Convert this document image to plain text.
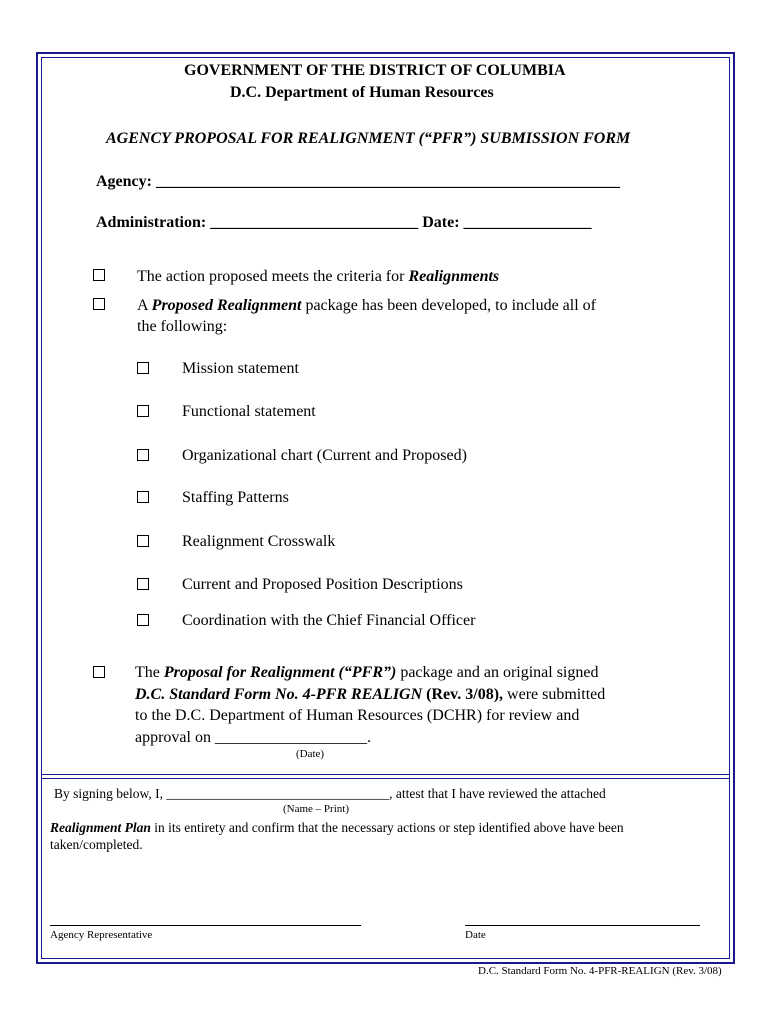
GOVERNMENT OF THE DISTRICT OF COLUMBIA
D.C. Department of Human Resources
AGENCY PROPOSAL FOR REALIGNMENT (“PFR”) SUBMISSION FORM
Agency: __________________________________________________________
Administration: __________________________ Date: ________________
The action proposed meets the criteria for Realignments
A Proposed Realignment package has been developed, to include all of
the following:
Mission statement
Functional statement
Organizational chart (Current and Proposed)
Staffing Patterns
Realignment Crosswalk
Current and Proposed Position Descriptions
Coordination with the Chief Financial Officer
The Proposal for Realignment (“PFR”) package and an original signed
D.C. Standard Form No. 4-PFR REALIGN (Rev. 3/08), were submitted
to the D.C. Department of Human Resources (DCHR) for review and
approval on ___________________.
(Date)
By signing below, I, _________________________________, attest that I have reviewed the attached
(Name – Print)
Realignment Plan in its entirety and confirm that the necessary actions or step identified above have been
taken/completed.
Agency Representative	Date
D.C. Standard Form No. 4-PFR-REALIGN (Rev. 3/08)
